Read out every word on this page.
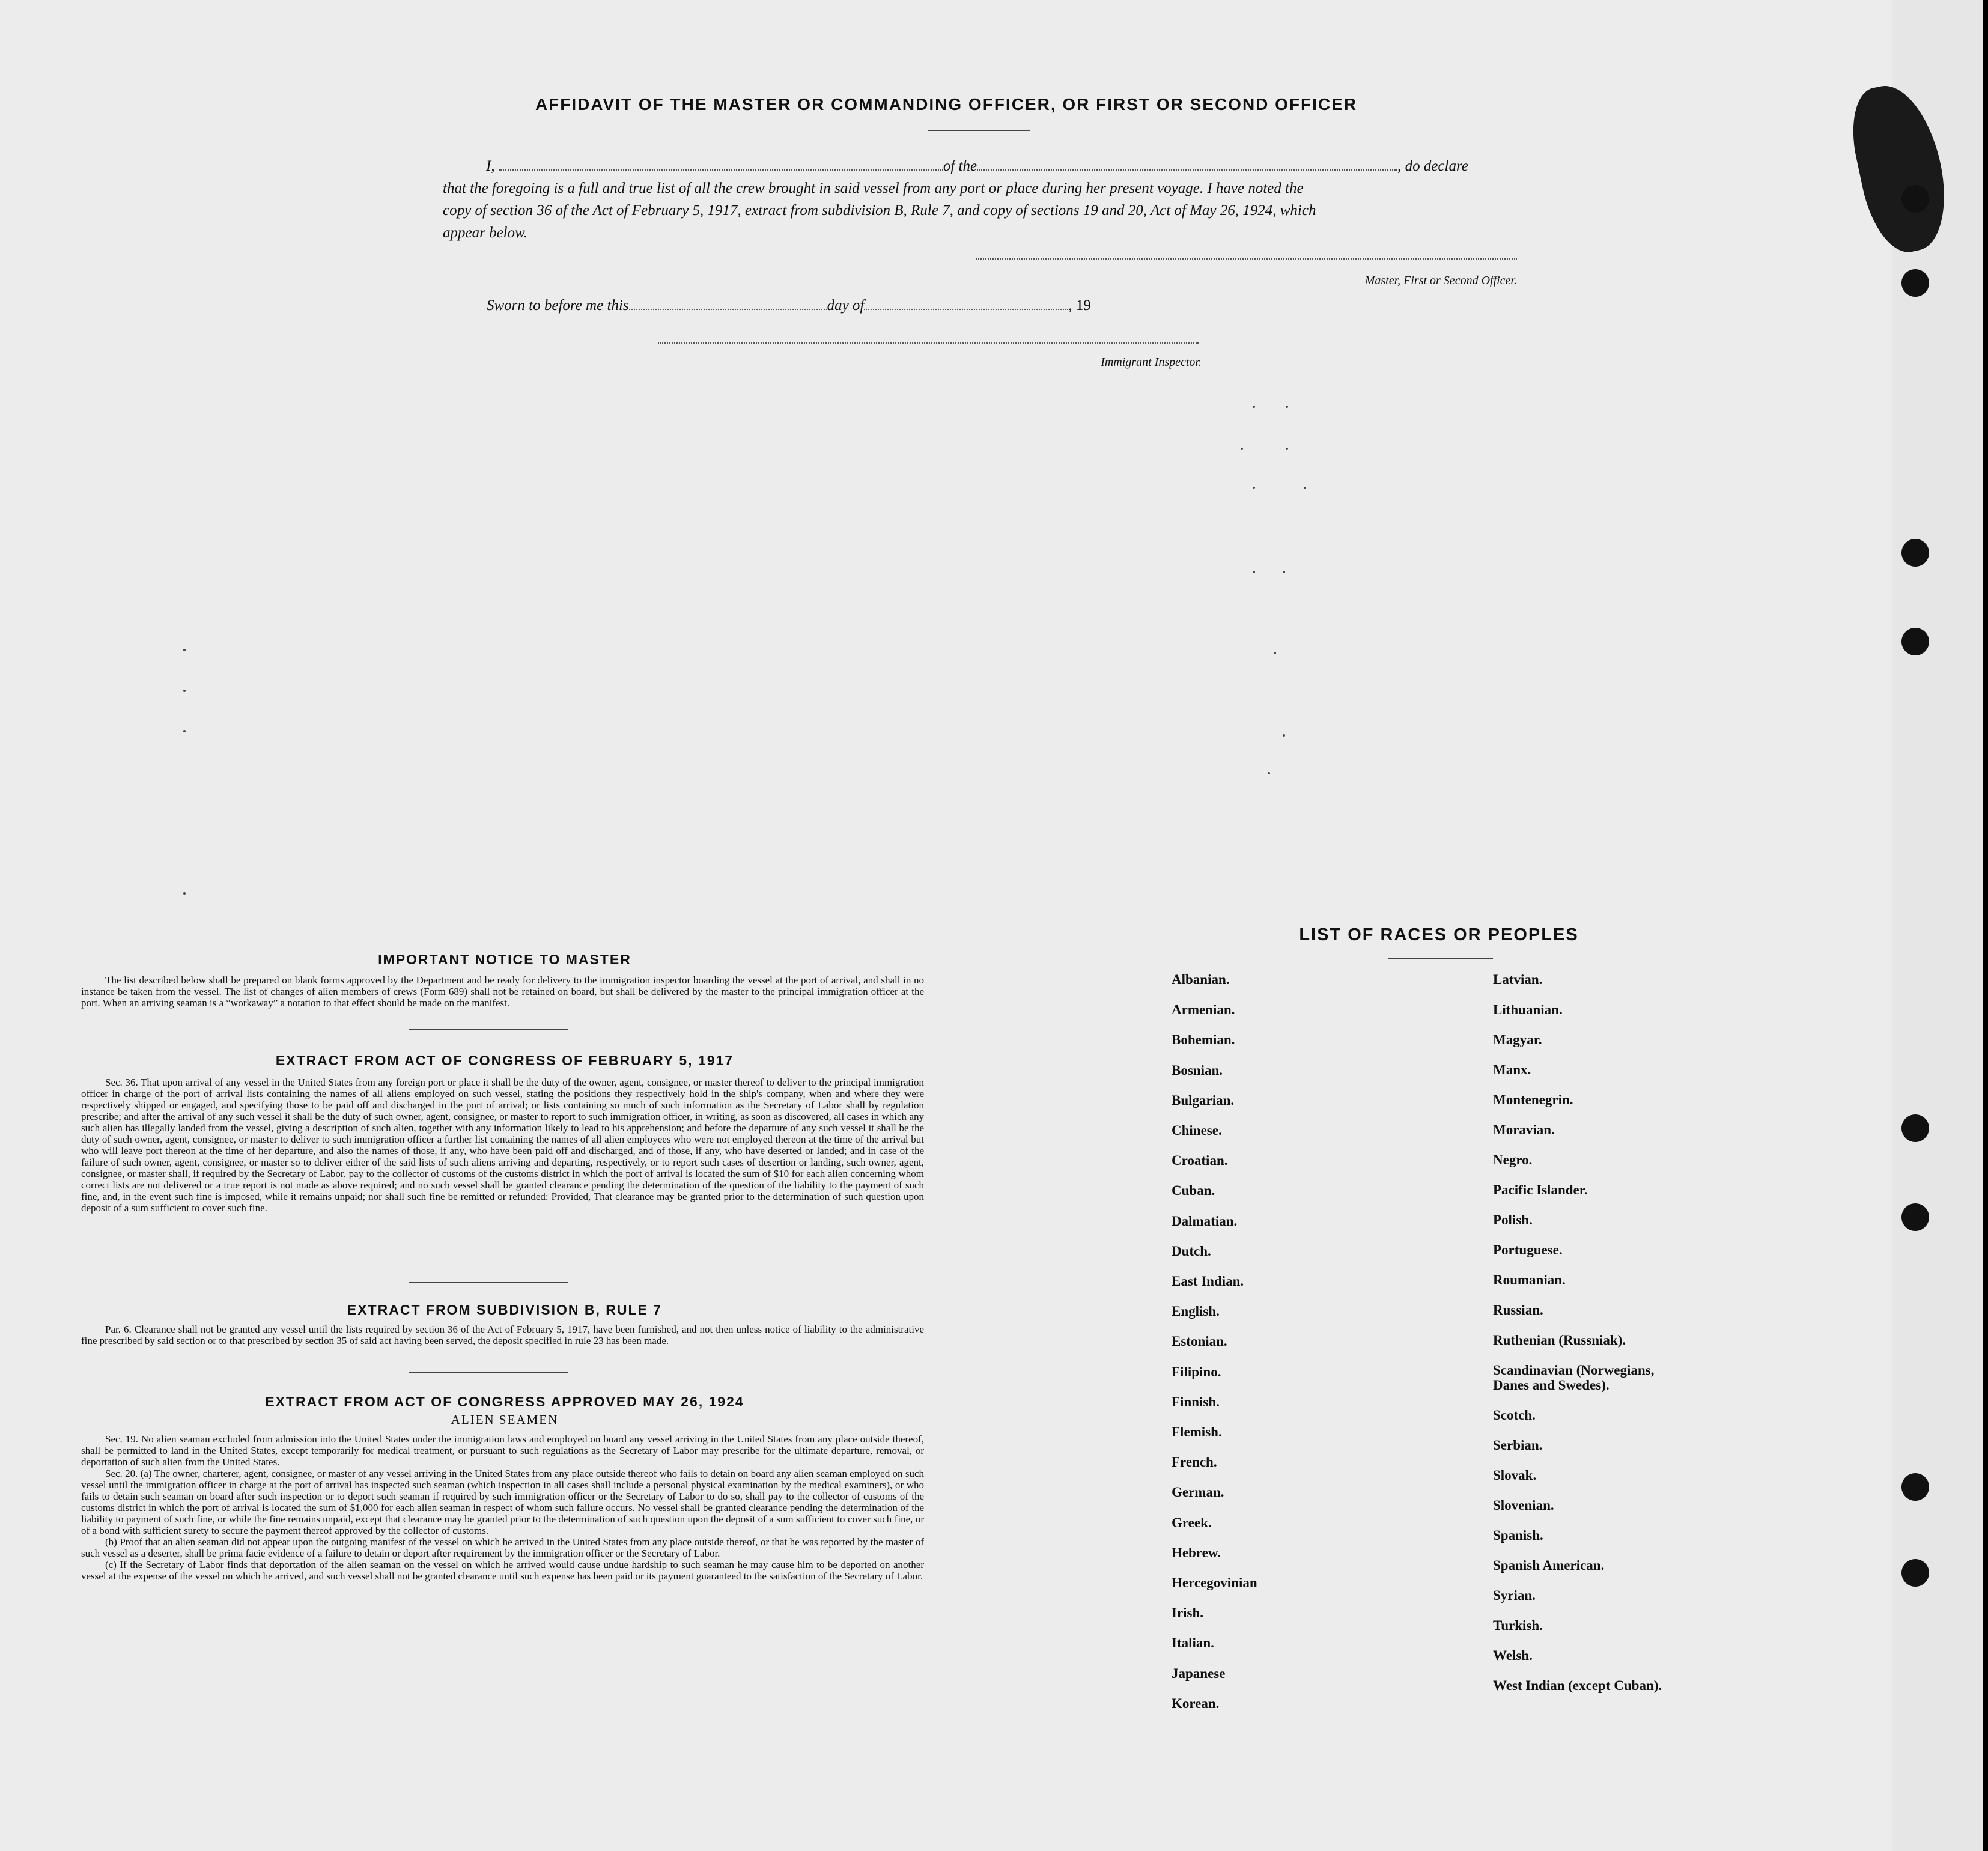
AFFIDAVIT OF THE MASTER OR COMMANDING OFFICER, OR FIRST OR SECOND OFFICER
I,	of the	, do declare
that the foregoing is a full and true list of all the crew brought in said vessel from any port or place during her present voyage. I have noted the
copy of section 36 of the Act of February 5, 1917, extract from subdivision B, Rule 7, and copy of sections 19 and 20, Act of May 26, 1924, which
appear below.
Master, First or Second Officer.
Sworn to before me this	day of	, 19
Immigrant Inspector.
IMPORTANT NOTICE TO MASTER

The list described below shall be prepared on blank forms approved by the Department and be ready for delivery to the immigration inspector boarding the vessel at the port of arrival, and shall in no instance be taken from the vessel. The list of changes of alien members of crews (Form 689) shall not be retained on board, but shall be delivered by the master to the principal immigration officer at the port. When an arriving seaman is a “workaway” a notation to that effect should be made on the manifest.

EXTRACT FROM ACT OF CONGRESS OF FEBRUARY 5, 1917

Sec. 36. That upon arrival of any vessel in the United States from any foreign port or place it shall be the duty of the owner, agent, consignee, or master thereof to deliver to the principal immigration officer in charge of the port of arrival lists containing the names of all aliens employed on such vessel, stating the positions they respectively hold in the ship's company, when and where they were respectively shipped or engaged, and specifying those to be paid off and discharged in the port of arrival; or lists containing so much of such information as the Secretary of Labor shall by regulation prescribe; and after the arrival of any such vessel it shall be the duty of such owner, agent, consignee, or master to report to such immigration officer, in writing, as soon as discovered, all cases in which any such alien has illegally landed from the vessel, giving a description of such alien, together with any information likely to lead to his apprehension; and before the departure of any such vessel it shall be the duty of such owner, agent, consignee, or master to deliver to such immigration officer a further list containing the names of all alien employees who were not employed thereon at the time of the arrival but who will leave port thereon at the time of her departure, and also the names of those, if any, who have been paid off and discharged, and of those, if any, who have deserted or landed; and in case of the failure of such owner, agent, consignee, or master so to deliver either of the said lists of such aliens arriving and departing, respectively, or to report such cases of desertion or landing, such owner, agent, consignee, or master shall, if required by the Secretary of Labor, pay to the collector of customs of the customs district in which the port of arrival is located the sum of $10 for each alien concerning whom correct lists are not delivered or a true report is not made as above required; and no such vessel shall be granted clearance pending the determination of the question of the liability to the payment of such fine, and, in the event such fine is imposed, while it remains unpaid; nor shall such fine be remitted or refunded: Provided, That clearance may be granted prior to the determination of such question upon deposit of a sum sufficient to cover such fine.

EXTRACT FROM SUBDIVISION B, RULE 7

Par. 6. Clearance shall not be granted any vessel until the lists required by section 36 of the Act of February 5, 1917, have been furnished, and not then unless notice of liability to the administrative fine prescribed by said section or to that prescribed by section 35 of said act having been served, the deposit specified in rule 23 has been made.

EXTRACT FROM ACT OF CONGRESS APPROVED MAY 26, 1924
ALIEN SEAMEN

Sec. 19. No alien seaman excluded from admission into the United States under the immigration laws and employed on board any vessel arriving in the United States from any place outside thereof, shall be permitted to land in the United States, except temporarily for medical treatment, or pursuant to such regulations as the Secretary of Labor may prescribe for the ultimate departure, removal, or deportation of such alien from the United States.

Sec. 20. (a) The owner, charterer, agent, consignee, or master of any vessel arriving in the United States from any place outside thereof who fails to detain on board any alien seaman employed on such vessel until the immigration officer in charge at the port of arrival has inspected such seaman (which inspection in all cases shall include a personal physical examination by the medical examiners), or who fails to detain such seaman on board after such inspection or to deport such seaman if required by such immigration officer or the Secretary of Labor to do so, shall pay to the collector of customs of the customs district in which the port of arrival is located the sum of $1,000 for each alien seaman in respect of whom such failure occurs. No vessel shall be granted clearance pending the determination of the liability to payment of such fine, or while the fine remains unpaid, except that clearance may be granted prior to the determination of such question upon the deposit of a sum sufficient to cover such fine, or of a bond with sufficient surety to secure the payment thereof approved by the collector of customs.

(b) Proof that an alien seaman did not appear upon the outgoing manifest of the vessel on which he arrived in the United States from any place outside thereof, or that he was reported by the master of such vessel as a deserter, shall be prima facie evidence of a failure to detain or deport after requirement by the immigration officer or the Secretary of Labor.

(c) If the Secretary of Labor finds that deportation of the alien seaman on the vessel on which he arrived would cause undue hardship to such seaman he may cause him to be deported on another vessel at the expense of the vessel on which he arrived, and such vessel shall not be granted clearance until such expense has been paid or its payment guaranteed to the satisfaction of the Secretary of Labor.

LIST OF RACES OR PEOPLES
Albanian.
Armenian.
Bohemian.
Bosnian.
Bulgarian.
Chinese.
Croatian.
Cuban.
Dalmatian.
Dutch.
East Indian.
English.
Estonian.
Filipino.
Finnish.
Flemish.
French.
German.
Greek.
Hebrew.
Hercegovinian
Irish.
Italian.
Japanese
Korean.
Latvian.
Lithuanian.
Magyar.
Manx.
Montenegrin.
Moravian.
Negro.
Pacific Islander.
Polish.
Portuguese.
Roumanian.
Russian.
Ruthenian (Russniak).
Scandinavian (Norwegians,
Danes and Swedes).
Scotch.
Serbian.
Slovak.
Slovenian.
Spanish.
Spanish American.
Syrian.
Turkish.
Welsh.
West Indian (except Cuban).
